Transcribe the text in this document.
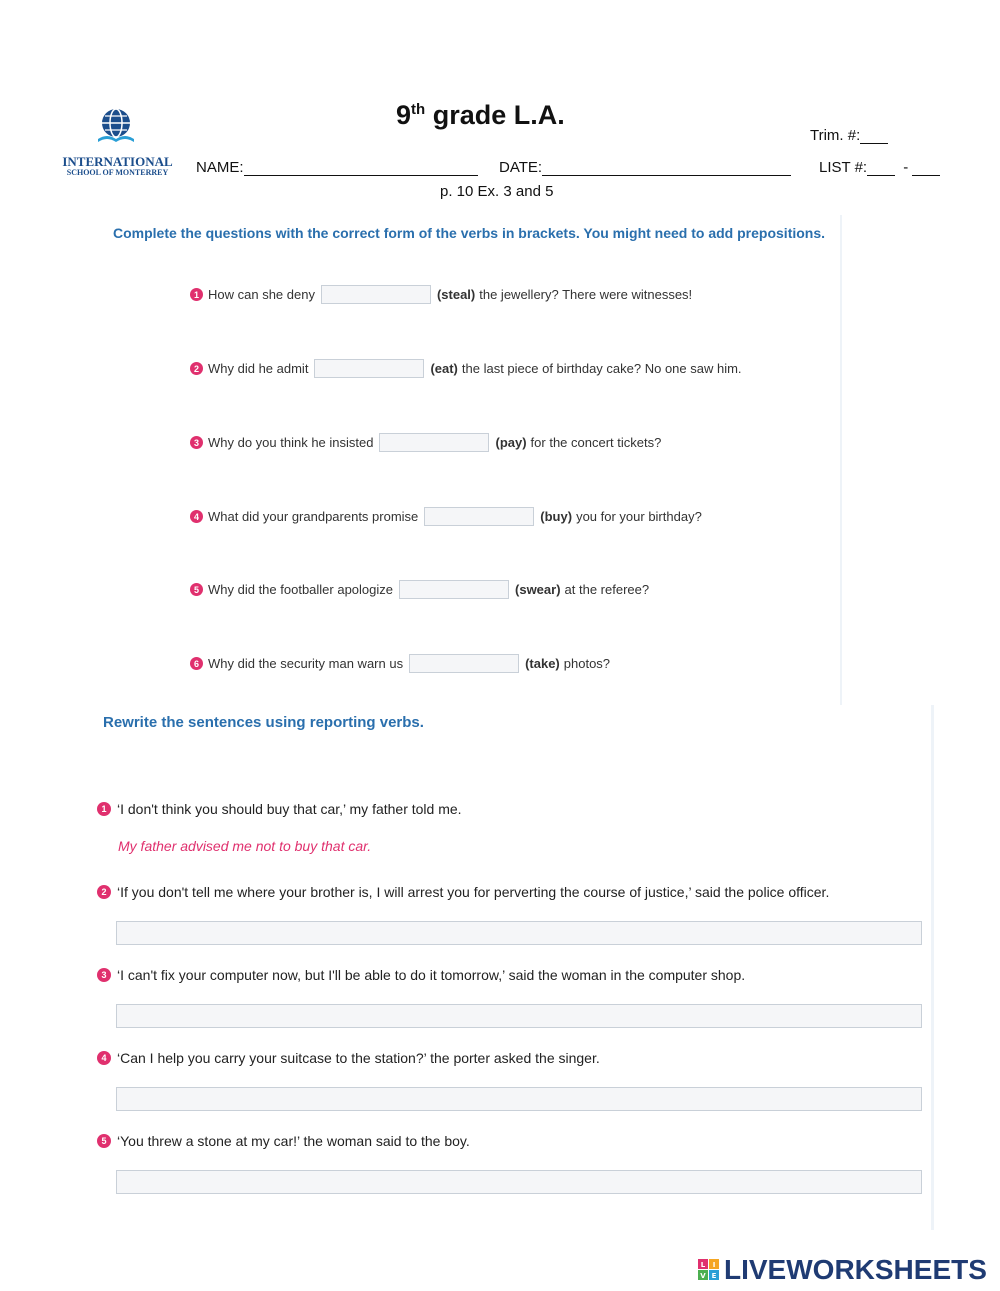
INTERNATIONAL
SCHOOL OF MONTERREY
9th grade L.A.
Trim. #:
NAME:	DATE:	LIST #: -
p. 10 Ex. 3 and 5
Complete the questions with the correct form of the verbs in brackets. You might need to add prepositions.
1 How can she deny	(steal) the jewellery? There were witnesses!
2 Why did he admit	(eat) the last piece of birthday cake? No one saw him.
3 Why do you think he insisted	(pay) for the concert tickets?
4 What did your grandparents promise	(buy) you for your birthday?
5 Why did the footballer apologize	(swear) at the referee?
6 Why did the security man warn us	(take) photos?
Rewrite the sentences using reporting verbs.
1 ‘I don't think you should buy that car,’ my father told me.
My father advised me not to buy that car.
2 ‘If you don't tell me where your brother is, I will arrest you for perverting the course of justice,’ said the police officer.
3 ‘I can't fix your computer now, but I'll be able to do it tomorrow,’ said the woman in the computer shop.
4 ‘Can I help you carry your suitcase to the station?’ the porter asked the singer.
5 ‘You threw a stone at my car!’ the woman said to the boy.
L I
V E LIVEWORKSHEETS
